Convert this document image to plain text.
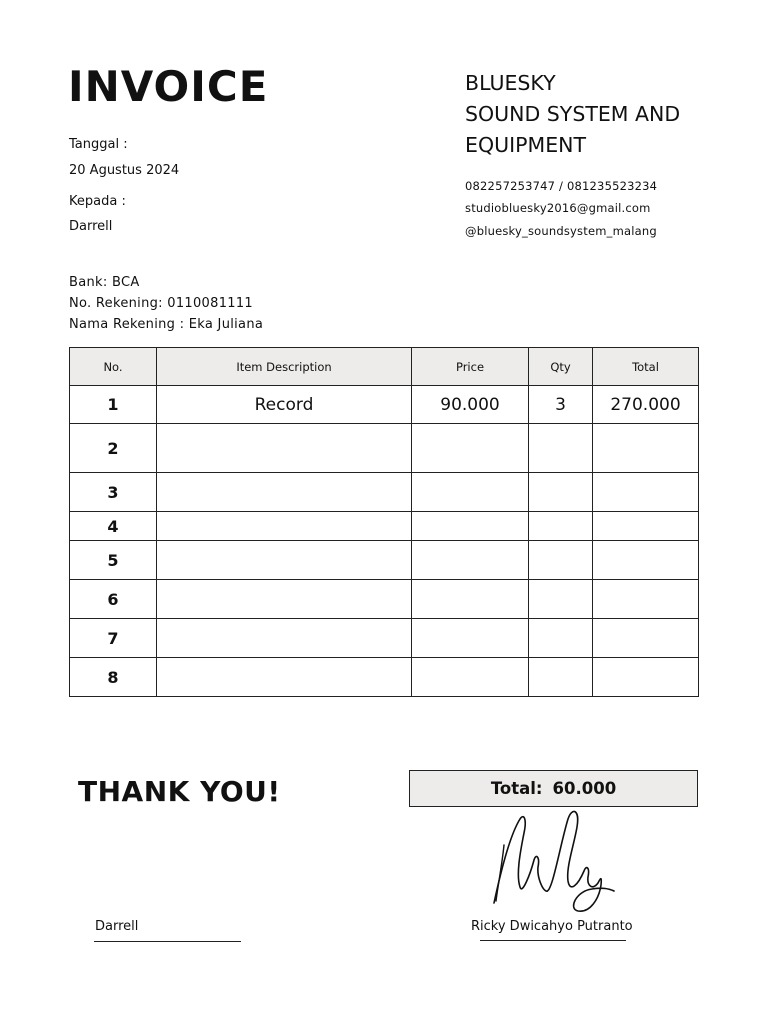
INVOICE
Tanggal :
20 Agustus 2024
Kepada :
Darrell
BLUESKY
SOUND SYSTEM AND
EQUIPMENT
082257253747 / 081235523234
studiobluesky2016@gmail.com
@bluesky_soundsystem_malang
Bank: BCA
No. Rekening: 0110081111
Nama Rekening : Eka Juliana
No.	Item Description	Price	Qty	Total
1	Record	90.000	3	270.000
2				
3				
4				
5				
6				
7				
8				
THANK YOU!	Total: 60.000
Darrell	Ricky Dwicahyo Putranto
